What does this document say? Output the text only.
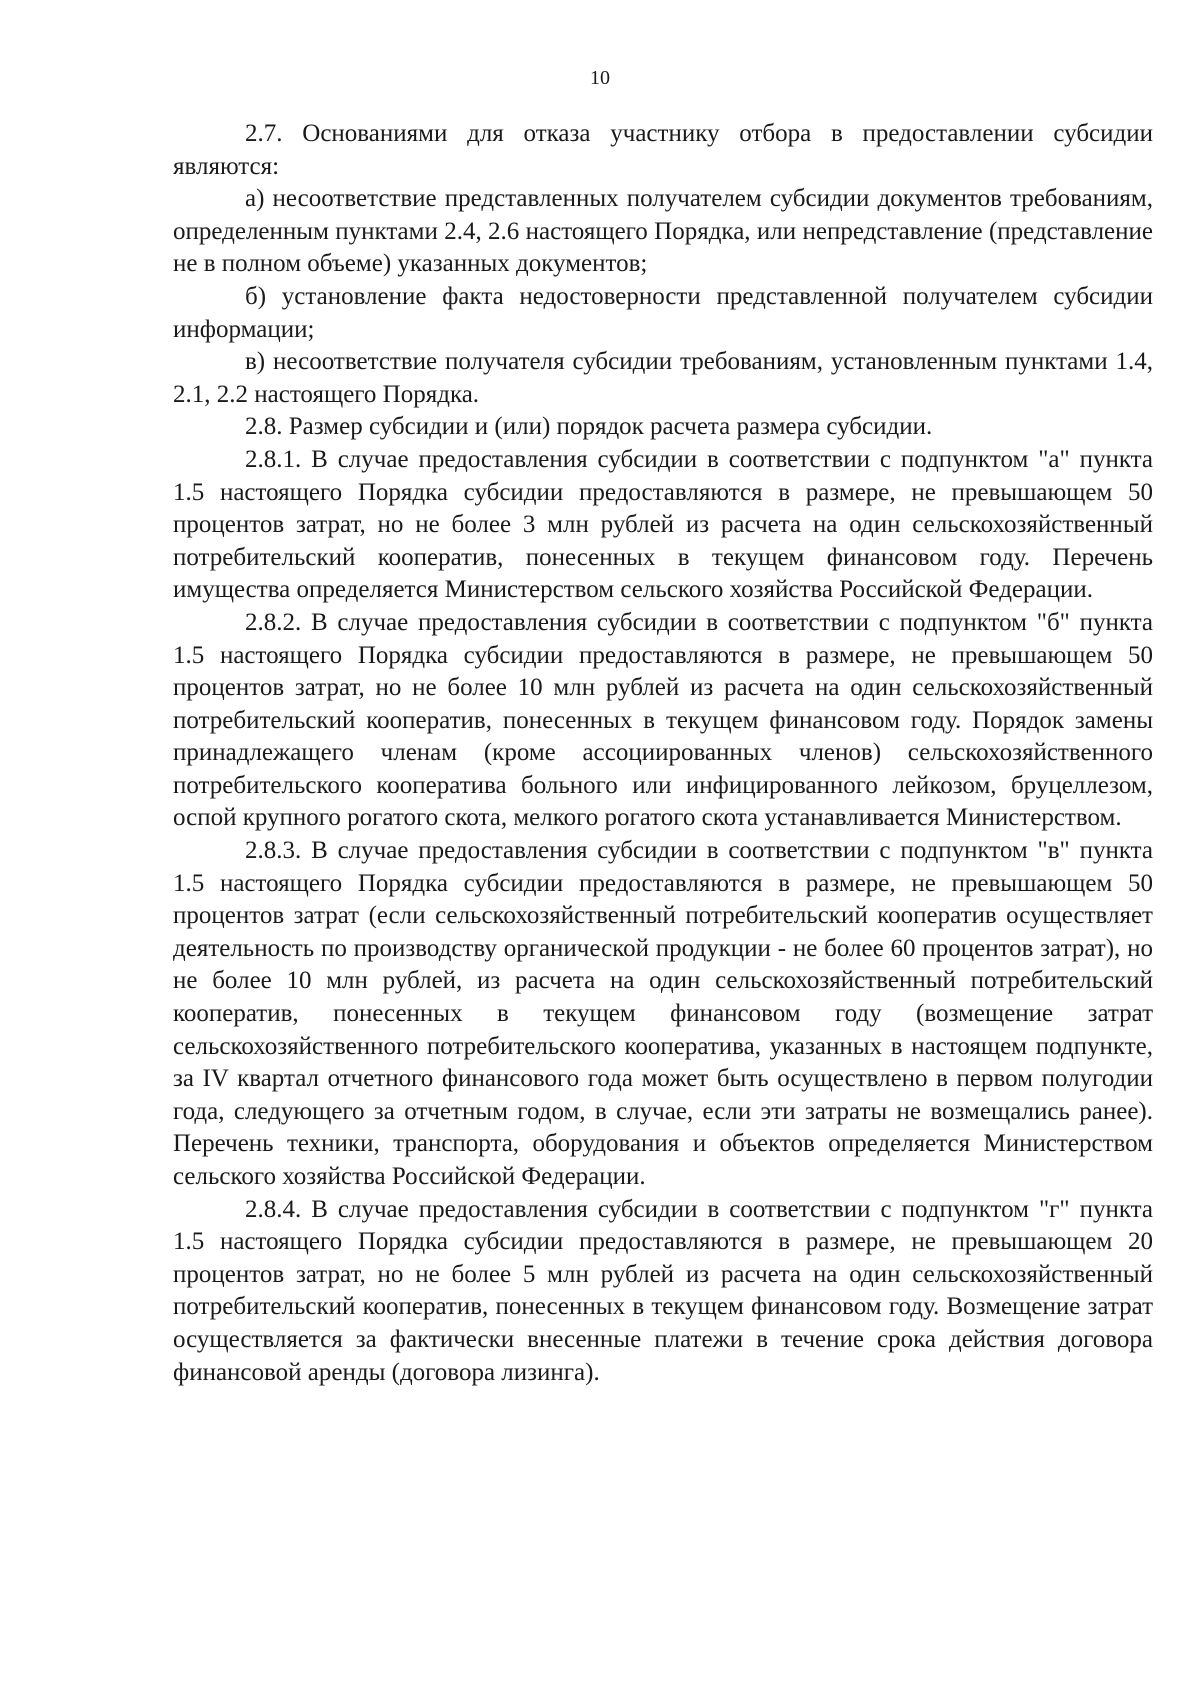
10

2.7. Основаниями для отказа участнику отбора в предоставлении субсидии являются:

а) несоответствие представленных получателем субсидии документов требованиям, определенным пунктами 2.4, 2.6 настоящего Порядка, или непредставление (представление не в полном объеме) указанных документов;

б) установление факта недостоверности представленной получателем субсидии информации;

в) несоответствие получателя субсидии требованиям, установленным пунктами 1.4, 2.1, 2.2 настоящего Порядка.

2.8. Размер субсидии и (или) порядок расчета размера субсидии.

2.8.1. В случае предоставления субсидии в соответствии с подпунктом "а" пункта 1.5 настоящего Порядка субсидии предоставляются в размере, не превышающем 50 процентов затрат, но не более 3 млн рублей из расчета на один сельскохозяйственный потребительский кооператив, понесенных в текущем финансовом году. Перечень имущества определяется Министерством сельского хозяйства Российской Федерации.

2.8.2. В случае предоставления субсидии в соответствии с подпунктом "б" пункта 1.5 настоящего Порядка субсидии предоставляются в размере, не превышающем 50 процентов затрат, но не более 10 млн рублей из расчета на один сельскохозяйственный потребительский кооператив, понесенных в текущем финансовом году. Порядок замены принадлежащего членам (кроме ассоциированных членов) сельскохозяйственного потребительского кооператива больного или инфицированного лейкозом, бруцеллезом, оспой крупного рогатого скота, мелкого рогатого скота устанавливается Министерством.

2.8.3. В случае предоставления субсидии в соответствии с подпунктом "в" пункта 1.5 настоящего Порядка субсидии предоставляются в размере, не превышающем 50 процентов затрат (если сельскохозяйственный потребительский кооператив осуществляет деятельность по производству органической продукции - не более 60 процентов затрат), но не более 10 млн рублей, из расчета на один сельскохозяйственный потребительский кооператив, понесенных в текущем финансовом году (возмещение затрат сельскохозяйственного потребительского кооператива, указанных в настоящем подпункте, за IV квартал отчетного финансового года может быть осуществлено в первом полугодии года, следующего за отчетным годом, в случае, если эти затраты не возмещались ранее). Перечень техники, транспорта, оборудования и объектов определяется Министерством сельского хозяйства Российской Федерации.

2.8.4. В случае предоставления субсидии в соответствии с подпунктом "г" пункта 1.5 настоящего Порядка субсидии предоставляются в размере, не превышающем 20 процентов затрат, но не более 5 млн рублей из расчета на один сельскохозяйственный потребительский кооператив, понесенных в текущем финансовом году. Возмещение затрат осуществляется за фактически внесенные платежи в течение срока действия договора финансовой аренды (договора лизинга).
